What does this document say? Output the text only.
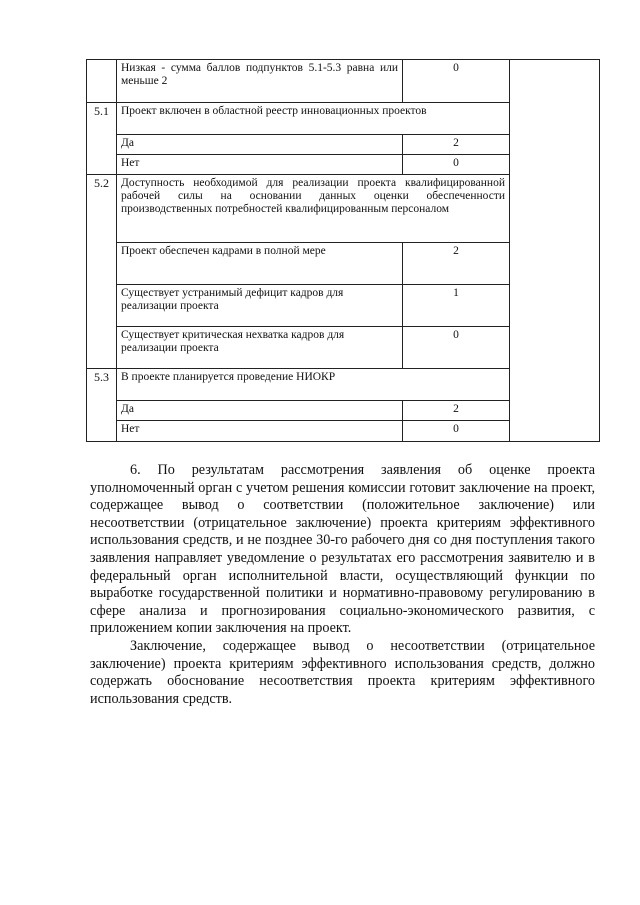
	Низкая - сумма баллов подпунктов 5.1-5.3 равна или меньше 2	0	
5.1	Проект включен в областной реестр инновационных проектов		
	Да	2	
	Нет	0	
5.2	Доступность необходимой для реализации проекта квалифицированной рабочей силы на основании данных оценки обеспеченности производственных потребностей квалифицированным персоналом		
	Проект обеспечен кадрами в полной мере	2	
	Существует устранимый дефицит кадров для реализации проекта	1	
	Существует критическая нехватка кадров для реализации проекта	0	
5.3	В проекте планируется проведение НИОКР		
	Да	2	
	Нет	0	

6. По результатам рассмотрения заявления об оценке проекта уполномоченный орган с учетом решения комиссии готовит заключение на проект, содержащее вывод о соответствии (положительное заключение) или несоответствии (отрицательное заключение) проекта критериям эффективного использования средств, и не позднее 30-го рабочего дня со дня поступления такого заявления направляет уведомление о результатах его рассмотрения заявителю и в федеральный орган исполнительной власти, осуществляющий функции по выработке государственной политики и нормативно-правовому регулированию в сфере анализа и прогнозирования социально-экономического развития, с приложением копии заключения на проект.

Заключение, содержащее вывод о несоответствии (отрицательное заключение) проекта критериям эффективного использования средств, должно содержать обоснование несоответствия проекта критериям эффективного использования средств.
